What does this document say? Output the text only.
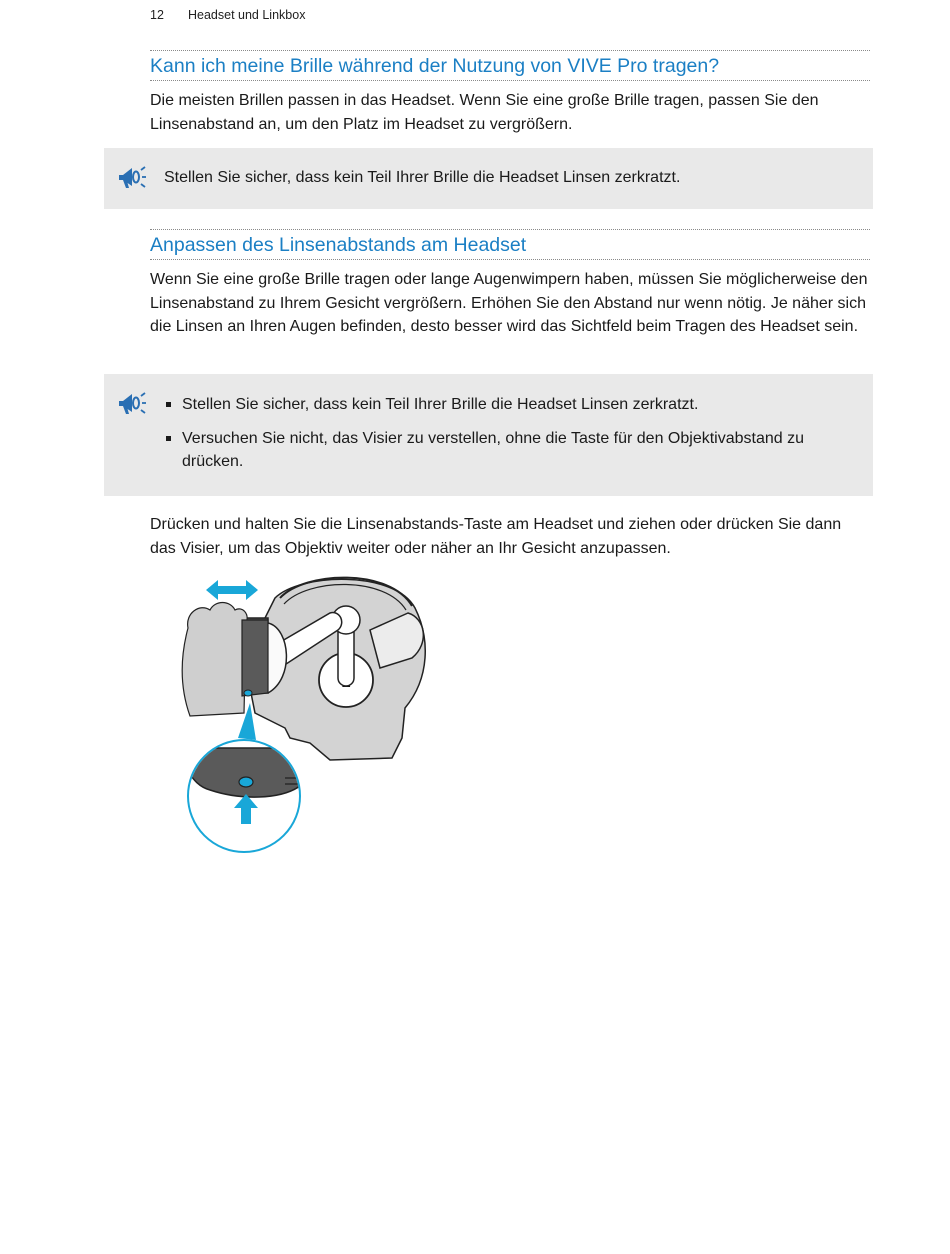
12 Headset und Linkbox
Kann ich meine Brille während der Nutzung von VIVE Pro tragen?

Die meisten Brillen passen in das Headset. Wenn Sie eine große Brille tragen, passen Sie den Linsenabstand an, um den Platz im Headset zu vergrößern.

Stellen Sie sicher, dass kein Teil Ihrer Brille die Headset Linsen zerkratzt.
Anpassen des Linsenabstands am Headset

Wenn Sie eine große Brille tragen oder lange Augenwimpern haben, müssen Sie möglicherweise den Linsenabstand zu Ihrem Gesicht vergrößern. Erhöhen Sie den Abstand nur wenn nötig. Je näher sich die Linsen an Ihren Augen befinden, desto besser wird das Sichtfeld beim Tragen des Headset sein.

Stellen Sie sicher, dass kein Teil Ihrer Brille die Headset Linsen zerkratzt.
Versuchen Sie nicht, das Visier zu verstellen, ohne die Taste für den Objektivabstand zu drücken.

Drücken und halten Sie die Linsenabstands-Taste am Headset und ziehen oder drücken Sie dann das Visier, um das Objektiv weiter oder näher an Ihr Gesicht anzupassen.
